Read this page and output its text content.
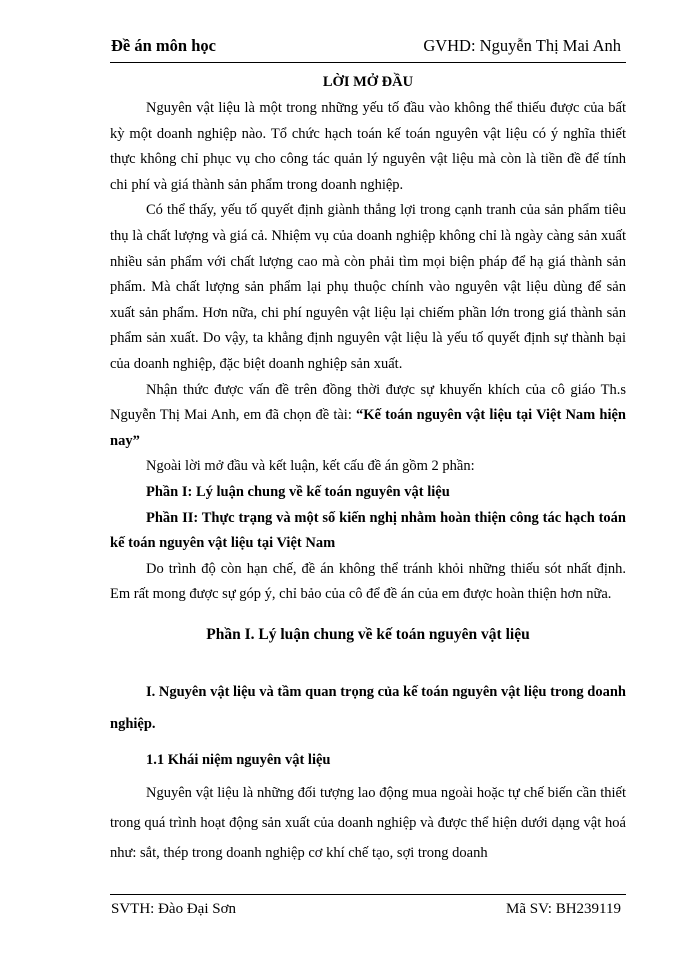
Đề án môn học	GVHD: Nguyễn Thị Mai Anh
LỜI MỞ ĐẦU

Nguyên vật liệu là một trong những yếu tố đầu vào không thể thiếu được của bất kỳ một doanh nghiệp nào. Tổ chức hạch toán kế toán nguyên vật liệu có ý nghĩa thiết thực không chỉ phục vụ cho công tác quản lý nguyên vật liệu mà còn là tiền đề để tính chi phí và giá thành sản phẩm trong doanh nghiệp.

Có thể thấy, yếu tố quyết định giành thắng lợi trong cạnh tranh của sản phẩm tiêu thụ là chất lượng và giá cả. Nhiệm vụ của doanh nghiệp không chỉ là ngày càng sản xuất nhiều sản phẩm với chất lượng cao mà còn phải tìm mọi biện pháp để hạ giá thành sản phẩm. Mà chất lượng sản phẩm lại phụ thuộc chính vào nguyên vật liệu dùng để sản xuất sản phẩm. Hơn nữa, chi phí nguyên vật liệu lại chiếm phần lớn trong giá thành sản phẩm sản xuất. Do vậy, ta khẳng định nguyên vật liệu là yếu tố quyết định sự thành bại của doanh nghiệp, đặc biệt doanh nghiệp sản xuất.

Nhận thức được vấn đề trên đồng thời được sự khuyến khích của cô giáo Th.s Nguyễn Thị Mai Anh, em đã chọn đề tài: “Kế toán nguyên vật liệu tại Việt Nam hiện nay”

Ngoài lời mở đầu và kết luận, kết cấu đề án gồm 2 phần:

Phần I: Lý luận chung về kế toán nguyên vật liệu

Phần II: Thực trạng và một số kiến nghị nhằm hoàn thiện công tác hạch toán kế toán nguyên vật liệu tại Việt Nam

Do trình độ còn hạn chế, đề án không thể tránh khỏi những thiếu sót nhất định. Em rất mong được sự góp ý, chỉ bảo của cô để đề án của em được hoàn thiện hơn nữa.

Phần I. Lý luận chung về kế toán nguyên vật liệu

I. Nguyên vật liệu và tầm quan trọng của kế toán nguyên vật liệu trong doanh nghiệp.

1.1 Khái niệm nguyên vật liệu

Nguyên vật liệu là những đối tượng lao động mua ngoài hoặc tự chế biến cần thiết trong quá trình hoạt động sản xuất của doanh nghiệp và được thể hiện dưới dạng vật hoá như: sắt, thép trong doanh nghiệp cơ khí chế tạo, sợi trong doanh

SVTH: Đào Đại Sơn	Mã SV: BH239119
